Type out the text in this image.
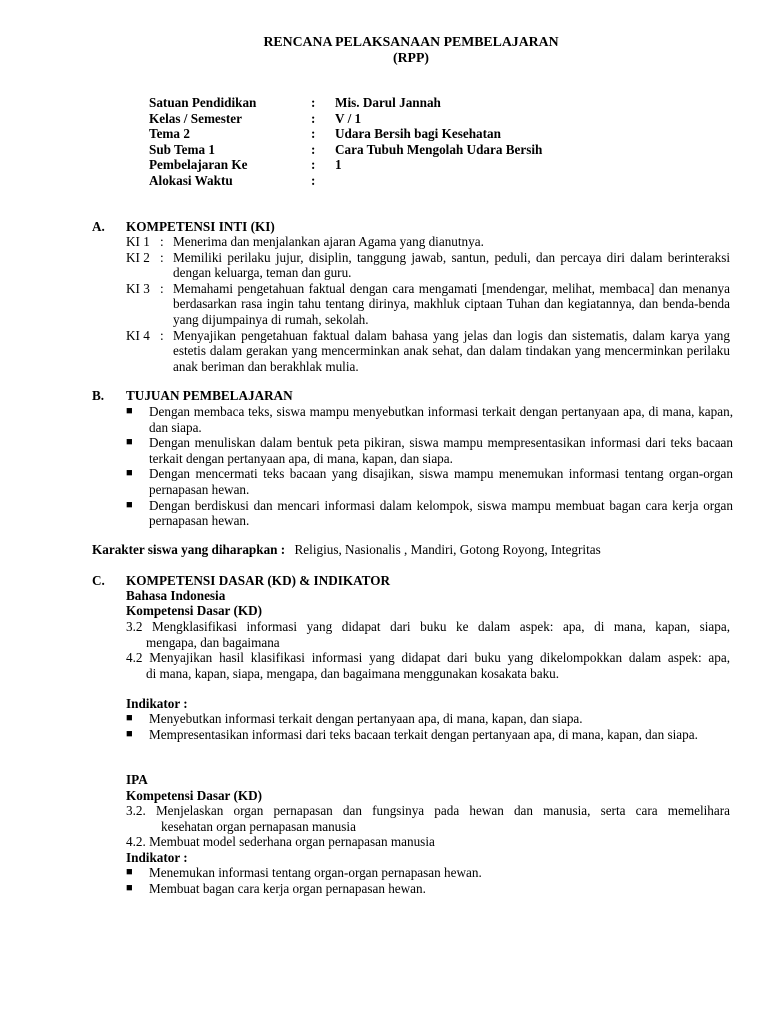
RENCANA PELAKSANAAN PEMBELAJARAN
(RPP)
Satuan Pendidikan	:	Mis. Darul Jannah
Kelas / Semester	:	V / 1
Tema 2	:	Udara Bersih bagi Kesehatan
Sub Tema 1	:	Cara Tubuh Mengolah Udara Bersih
Pembelajaran Ke	:	1
Alokasi Waktu	:
A. KOMPETENSI INTI (KI)
KI 1 : Menerima dan menjalankan ajaran Agama yang dianutnya.
KI 2 : Memiliki perilaku jujur, disiplin, tanggung jawab, santun, peduli, dan percaya diri dalam berinteraksi dengan keluarga, teman dan guru.
KI 3 : Memahami pengetahuan faktual dengan cara mengamati [mendengar, melihat, membaca] dan menanya berdasarkan rasa ingin tahu tentang dirinya, makhluk ciptaan Tuhan dan kegiatannya, dan benda-benda yang dijumpainya di rumah, sekolah.
KI 4 : Menyajikan pengetahuan faktual dalam bahasa yang jelas dan logis dan sistematis, dalam karya yang estetis dalam gerakan yang mencerminkan anak sehat, dan dalam tindakan yang mencerminkan perilaku anak beriman dan berakhlak mulia.
B. TUJUAN PEMBELAJARAN
■	Dengan membaca teks, siswa mampu menyebutkan informasi terkait dengan pertanyaan apa, di mana, kapan, dan siapa.
■	Dengan menuliskan dalam bentuk peta pikiran, siswa mampu mempresentasikan informasi dari teks bacaan terkait dengan pertanyaan apa, di mana, kapan, dan siapa.
■	Dengan mencermati teks bacaan yang disajikan, siswa mampu menemukan informasi tentang organ-organ pernapasan hewan.
■	Dengan berdiskusi dan mencari informasi dalam kelompok, siswa mampu membuat bagan cara kerja organ pernapasan hewan.
Karakter siswa yang diharapkan : Religius, Nasionalis , Mandiri, Gotong Royong, Integritas
C. KOMPETENSI DASAR (KD) & INDIKATOR
Bahasa Indonesia
Kompetensi Dasar (KD)
3.2 Mengklasifikasi informasi yang didapat dari buku ke dalam aspek: apa, di mana, kapan, siapa,
mengapa, dan bagaimana
4.2 Menyajikan hasil klasifikasi informasi yang didapat dari buku yang dikelompokkan dalam aspek: apa,
di mana, kapan, siapa, mengapa, dan bagaimana menggunakan kosakata baku.
Indikator :
■	Menyebutkan informasi terkait dengan pertanyaan apa, di mana, kapan, dan siapa.
■	Mempresentasikan informasi dari teks bacaan terkait dengan pertanyaan apa, di mana, kapan, dan siapa.
IPA
Kompetensi Dasar (KD)
3.2. Menjelaskan organ pernapasan dan fungsinya pada hewan dan manusia, serta cara memelihara
kesehatan organ pernapasan manusia
4.2. Membuat model sederhana organ pernapasan manusia
Indikator :
■	Menemukan informasi tentang organ-organ pernapasan hewan.
■	Membuat bagan cara kerja organ pernapasan hewan.
